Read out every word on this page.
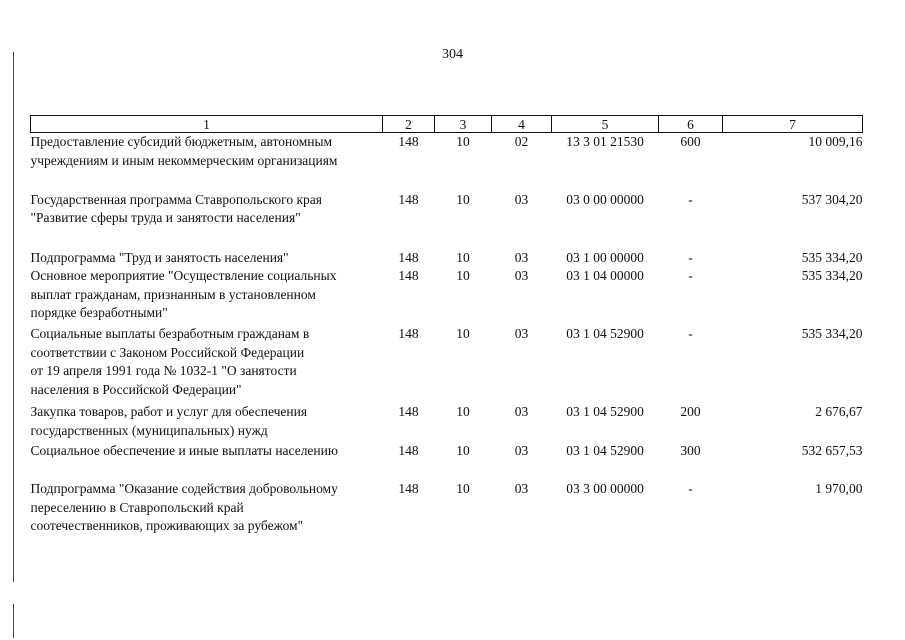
304
1	2	3	4	5	6	7

Предоставление субсидий бюджетным, автономным
учреждениям и иным некоммерческим организациям	148	10	02	13 3 01 21530	600	10 009,16

Государственная программа Ставропольского края
"Развитие сферы труда и занятости населения"	148	10	03	03 0 00 00000	-	537 304,20

Подпрограмма "Труд и занятость населения"	148	10	03	03 1 00 00000	-	535 334,20

Основное мероприятие "Осуществление социальных
выплат гражданам, признанным в установленном
порядке безработными"	148	10	03	03 1 04 00000	-	535 334,20

Социальные выплаты безработным гражданам в
соответствии с Законом Российской Федерации
от 19 апреля 1991 года № 1032-1 "О занятости
населения в Российской Федерации"	148	10	03	03 1 04 52900	-	535 334,20

Закупка товаров, работ и услуг для обеспечения
государственных (муниципальных) нужд	148	10	03	03 1 04 52900	200	2 676,67

Социальное обеспечение и иные выплаты населению	148	10	03	03 1 04 52900	300	532 657,53

Подпрограмма "Оказание содействия добровольному
переселению в Ставропольский край
соотечественников, проживающих за рубежом"	148	10	03	03 3 00 00000	-	1 970,00
